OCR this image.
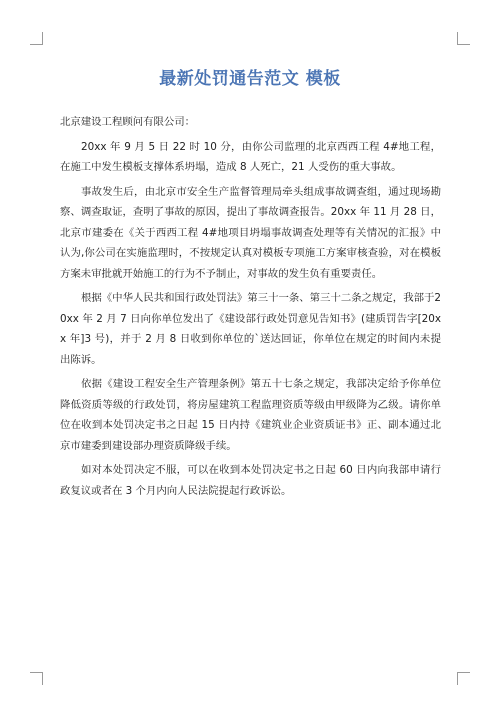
最新处罚通告范文 模板

北京建设工程顾问有限公司：

20xx 年 9 月 5 日 22 时 10 分，由你公司监理的北京西西工程 4#地工程，在施工中发生模板支撑体系坍塌，造成 8 人死亡，21 人受伤的重大事故。

事故发生后，由北京市安全生产监督管理局牵头组成事故调查组，通过现场勘察、调查取证，查明了事故的原因，提出了事故调查报告。20xx 年 11 月 28 日，北京市建委在《关于西西工程 4#地项目坍塌事故调查处理等有关情况的汇报》中认为,你公司在实施监理时，不按规定认真对模板专项施工方案审核查验，对在模板方案未审批就开始施工的行为不予制止，对事故的发生负有重要责任。

根据《中华人民共和国行政处罚法》第三十一条、第三十二条之规定，我部于20xx 年 2 月 7 日向你单位发出了《建设部行政处罚意见告知书》(建质罚告字[20xx 年]3 号)，并于 2 月 8 日收到你单位的`送达回证，你单位在规定的时间内未提出陈诉。

依据《建设工程安全生产管理条例》第五十七条之规定，我部决定给予你单位降低资质等级的行政处罚，将房屋建筑工程监理资质等级由甲级降为乙级。请你单位在收到本处罚决定书之日起 15 日内持《建筑业企业资质证书》正、副本通过北京市建委到建设部办理资质降级手续。

如对本处罚决定不服，可以在收到本处罚决定书之日起 60 日内向我部申请行政复议或者在 3 个月内向人民法院提起行政诉讼。
